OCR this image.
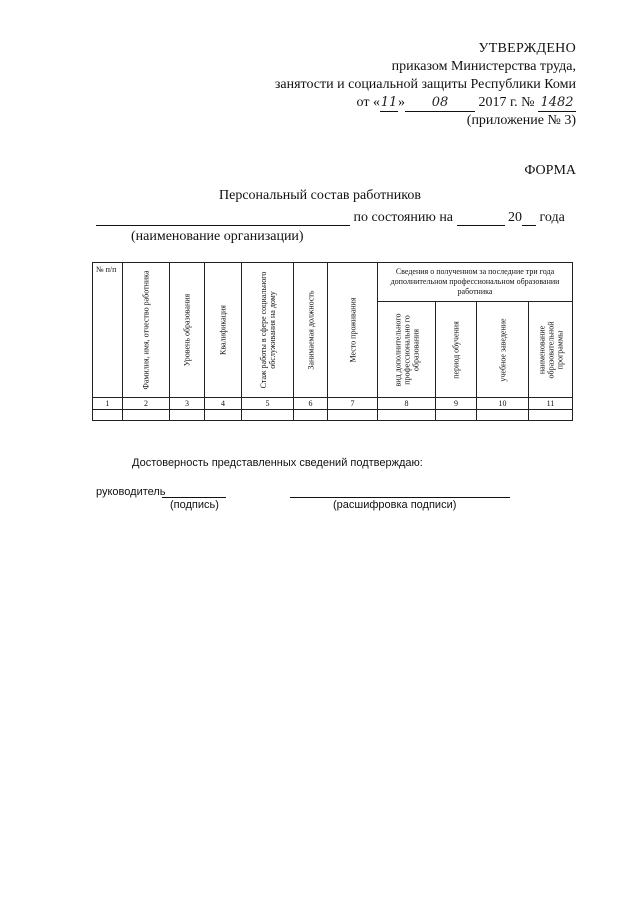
УТВЕРЖДЕНО
приказом Министерства труда,
занятости и социальной защиты Республики Коми
от «11» 08 2017 г. № 1482
(приложение № 3)
ФОРМА
Персональный состав работников
по состоянию на	20 года
(наименование организации)
№ п/п	Фамилия, имя, отчество работника	Уровень образования	Квалификация	Стаж работы в сфере социального обслуживания на дому	Занимаемая должность	Место проживания	Сведения о полученном за последние три года дополнительном профессиональном образовании работника			

							вид дополнительного профессионально го образования	период обучения	учебное заведение	наименование образовательной программы

1	2	3	4	5	6	7	8	9	10	11

Достоверность представленных сведений подтверждаю:
руководитель
(подпись)	(расшифровка подписи)
